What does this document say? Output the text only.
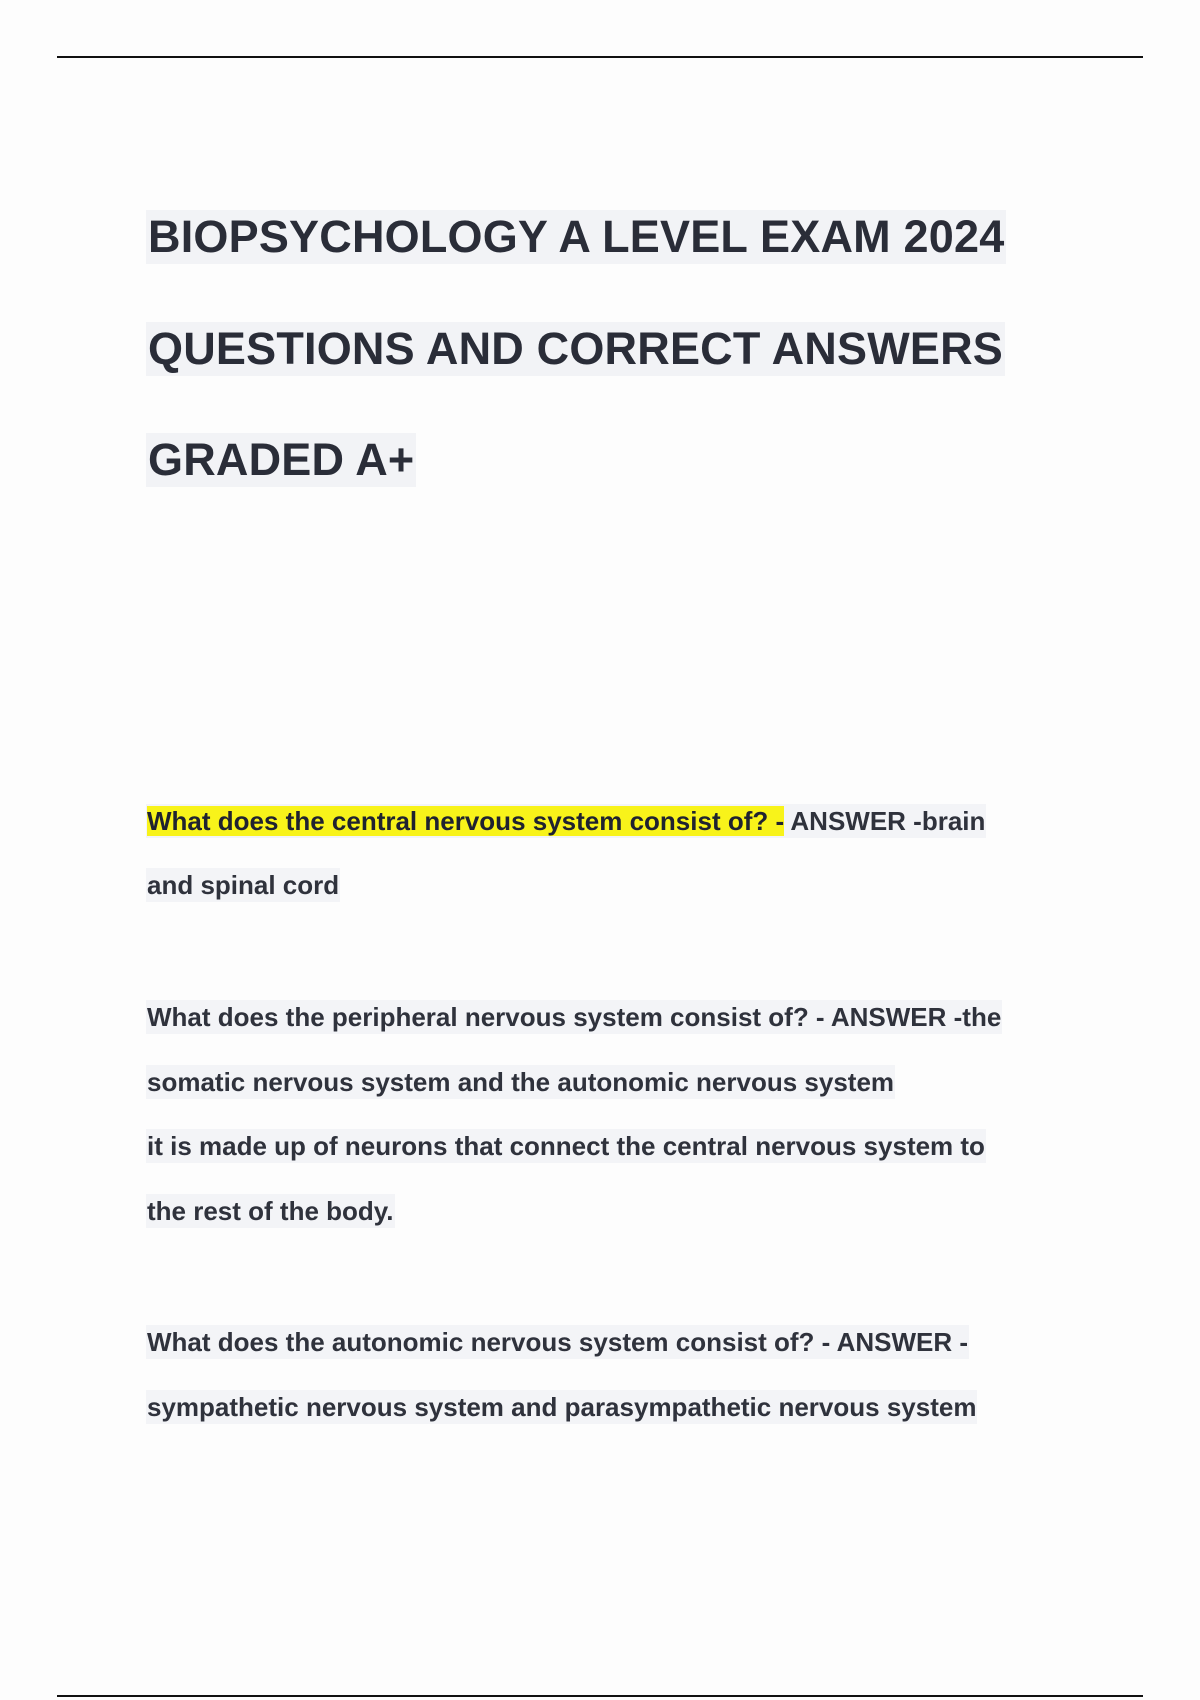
BIOPSYCHOLOGY A LEVEL EXAM 2024
QUESTIONS AND CORRECT ANSWERS
GRADED A+
What does the central nervous system consist of? - ANSWER -brain
and spinal cord
What does the peripheral nervous system consist of? - ANSWER -the
somatic nervous system and the autonomic nervous system
it is made up of neurons that connect the central nervous system to
the rest of the body.
What does the autonomic nervous system consist of? - ANSWER -
sympathetic nervous system and parasympathetic nervous system
